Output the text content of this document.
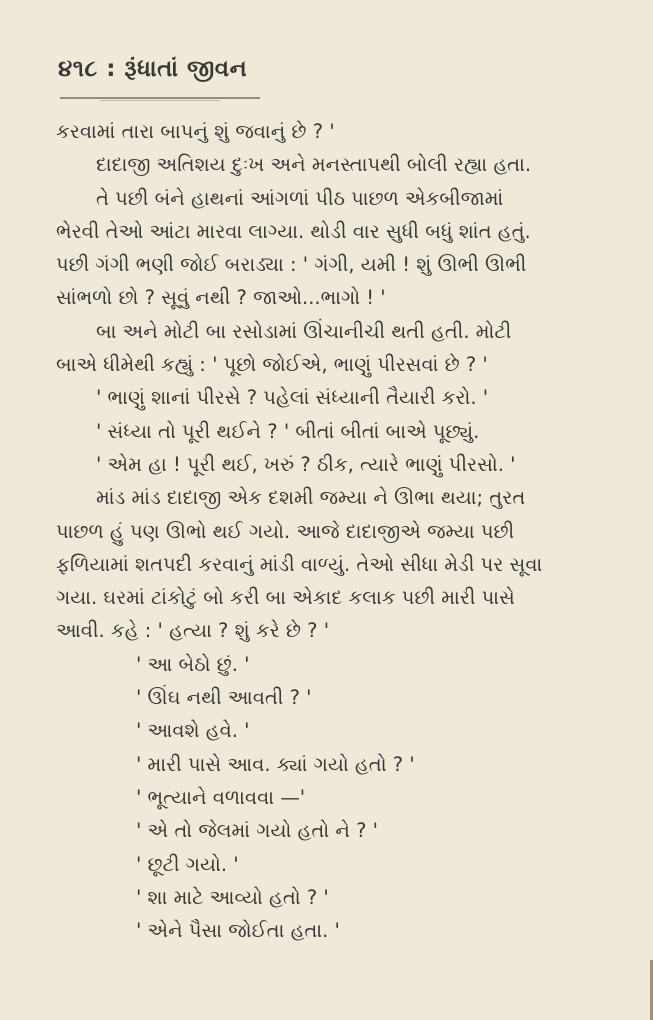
૪૧૮ : રૂંધાતાં જીવન
કરવામાં તારા બાપનું શું જવાનું છે ? '
દાદાજી અતિશય દુઃખ અને મનસ્તાપથી બોલી રહ્યા હતા.
તે પછી બંને હાથનાં આંગળાં પીઠ પાછળ એકબીજામાં
ભેરવી તેઓ આંટા મારવા લાગ્યા. થોડી વાર સુધી બધું શાંત હતું.
પછી ગંગી ભણી જોઈ બરાડ્યા : ' ગંગી, યમી ! શું ઊભી ઊભી
સાંભળો છો ? સૂવું નથી ? જાઓ...ભાગો ! '
બા અને મોટી બા રસોડામાં ઊંચાનીચી થતી હતી. મોટી
બાએ ધીમેથી કહ્યું : ' પૂછો જોઈએ, ભાણું પીરસવાં છે ? '
' ભાણું શાનાં પીરસે ? પહેલાં સંધ્યાની તૈયારી કરો. '
' સંધ્યા તો પૂરી થઈને ? ' બીતાં બીતાં બાએ પૂછ્યું.
' એમ હા ! પૂરી થઈ, ખરું ? ઠીક, ત્યારે ભાણું પીરસો. '
માંડ માંડ દાદાજી એક દશમી જમ્યા ને ઊભા થયા; તુરત
પાછળ હું પણ ઊભો થઈ ગયો. આજે દાદાજીએ જમ્યા પછી
ફળિયામાં શતપદી કરવાનું માંડી વાળ્યું. તેઓ સીધા મેડી પર સૂવા
ગયા. ઘરમાં ટાંકોટું બો કરી બા એકાદ કલાક પછી મારી પાસે
આવી. કહે : ' હત્યા ? શું કરે છે ? '
' આ બેઠો છું. '
' ઊંઘ નથી આવતી ? '
' આવશે હવે. '
' મારી પાસે આવ. ક્યાં ગયો હતો ? '
' ભૂત્યાને વળાવવા —'
' એ તો જેલમાં ગયો હતો ને ? '
' છૂટી ગયો. '
' શા માટે આવ્યો હતો ? '
' એને પૈસા જોઈતા હતા. '
